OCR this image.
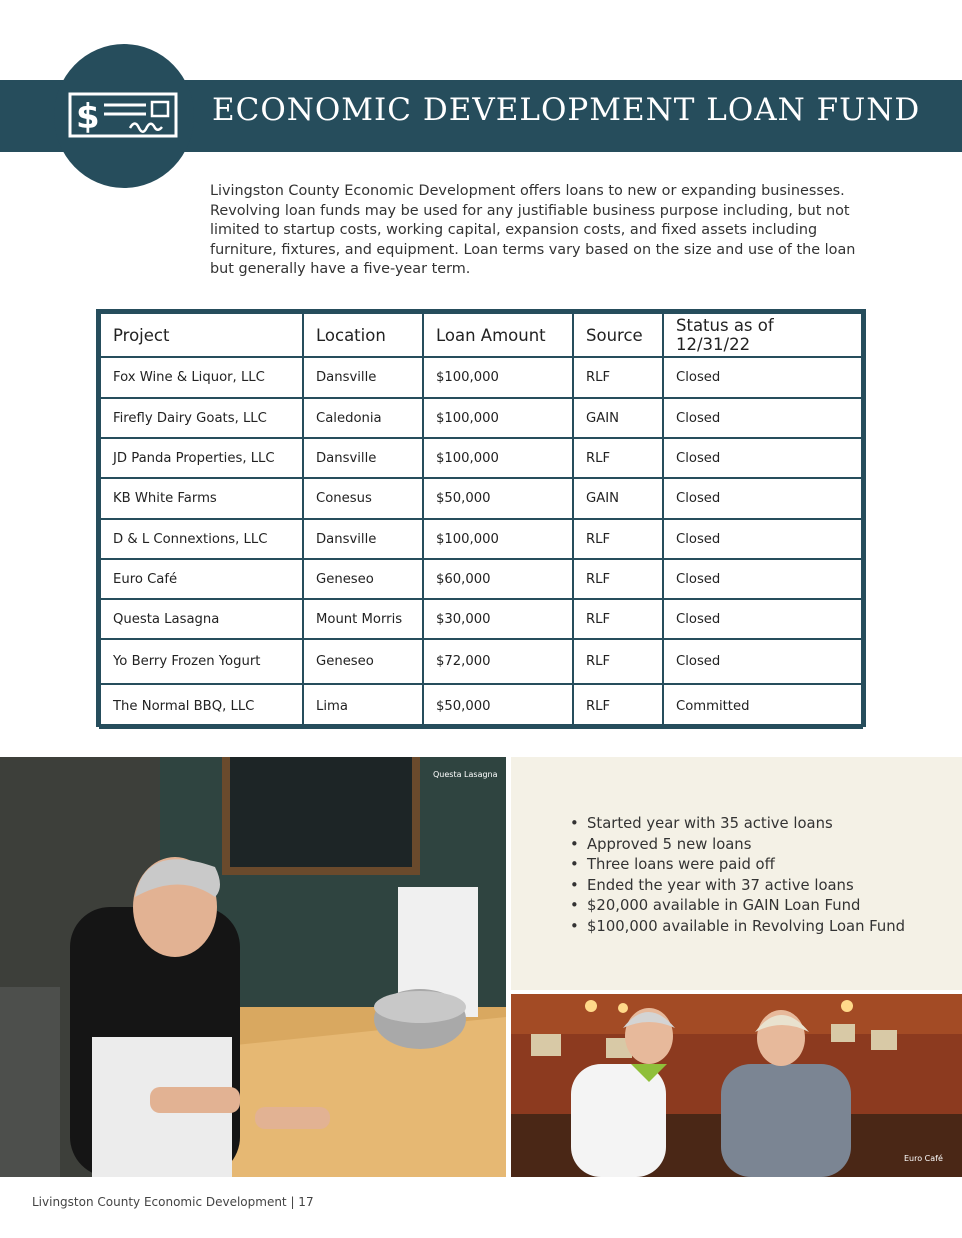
$	ECONOMIC DEVELOPMENT LOAN FUND

Livingston County Economic Development offers loans to new or expanding businesses. Revolving loan funds may be used for any justifiable business purpose including, but not limited to startup costs, working capital, expansion costs, and fixed assets including furniture, fixtures, and equipment. Loan terms vary based on the size and use of the loan but generally have a five-year term.

Project	Location	Loan Amount	Source	Status as of 12/31/22
Fox Wine & Liquor, LLC	Dansville	$100,000	RLF	Closed
Firefly Dairy Goats, LLC	Caledonia	$100,000	GAIN	Closed
JD Panda Properties, LLC	Dansville	$100,000	RLF	Closed
KB White Farms	Conesus	$50,000	GAIN	Closed
D & L Connextions, LLC	Dansville	$100,000	RLF	Closed
Euro Café	Geneseo	$60,000	RLF	Closed
Questa Lasagna	Mount Morris	$30,000	RLF	Closed
Yo Berry Frozen Yogurt	Geneseo	$72,000	RLF	Closed
The Normal BBQ, LLC	Lima	$50,000	RLF	Committed
Questa Lasagna
• Started year with 35 active loans
• Approved 5 new loans
• Three loans were paid off
• Ended the year with 37 active loans
• $20,000 available in GAIN Loan Fund
• $100,000 available in Revolving Loan Fund
Euro Café
Livingston County Economic Development | 17
